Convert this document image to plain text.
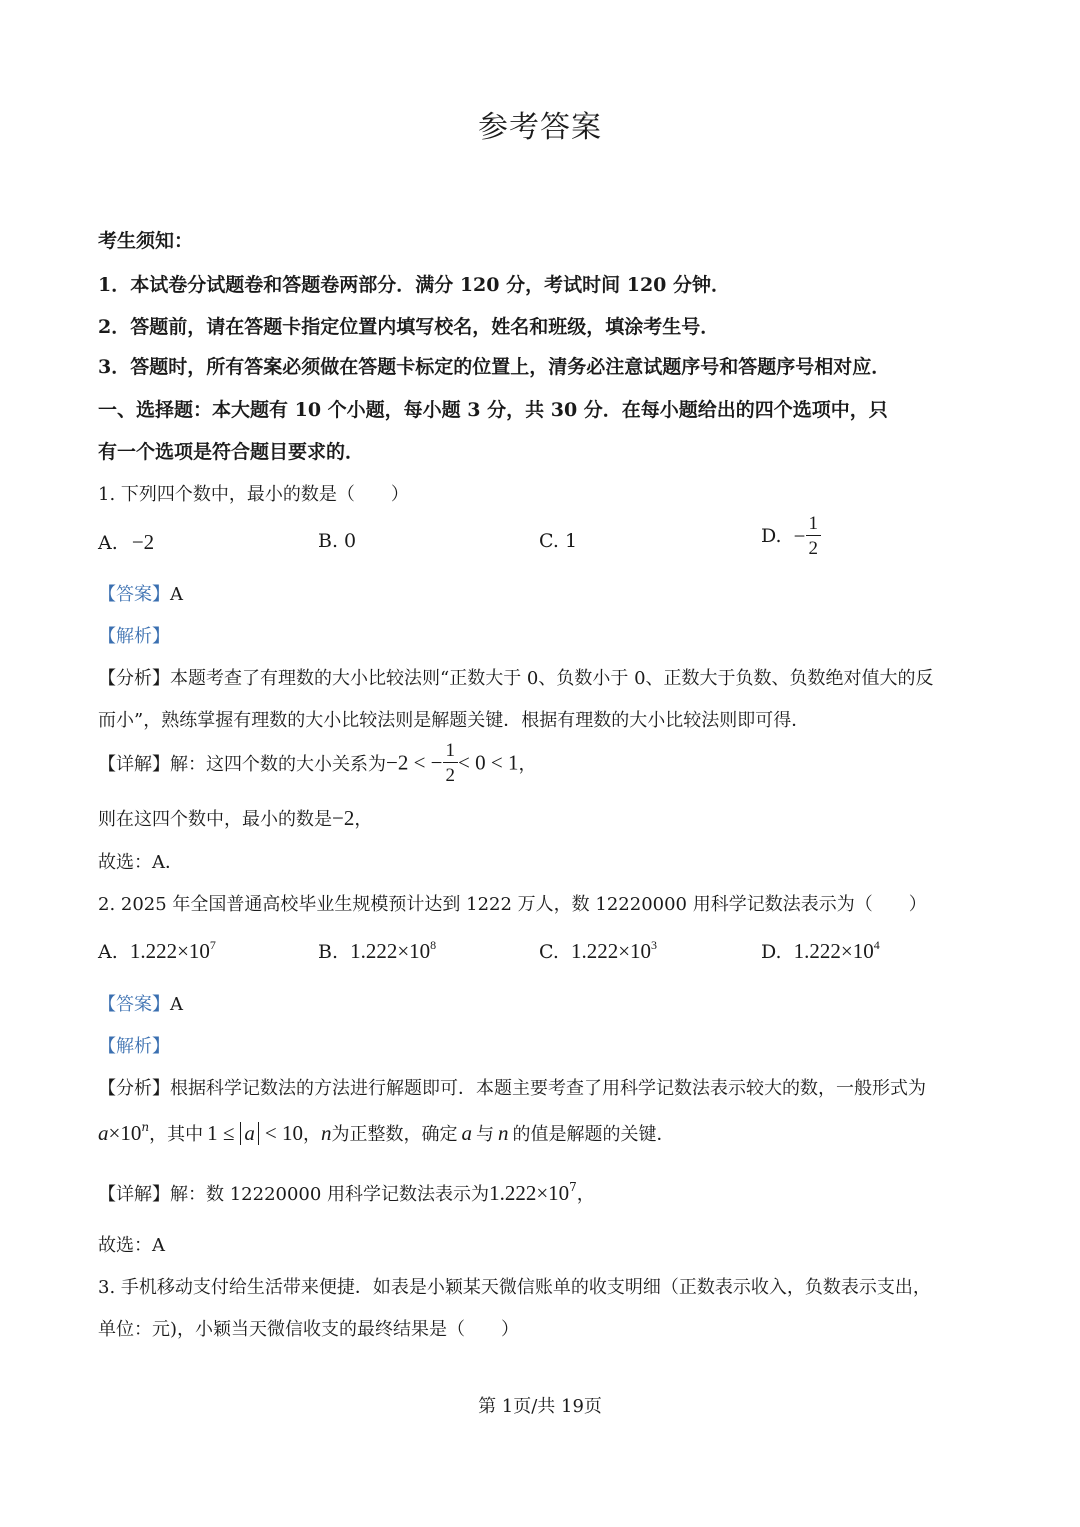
参考答案
考生须知：
1．本试卷分试题卷和答题卷两部分．满分 120 分，考试时间 120 分钟．
2．答题前，请在答题卡指定位置内填写校名，姓名和班级，填涂考生号．
3．答题时，所有答案必须做在答题卡标定的位置上，清务必注意试题序号和答题序号相对应．
一、选择题：本大题有 10 个小题，每小题 3 分，共 30 分．在每小题给出的四个选项中，只
有一个选项是符合题目要求的．
1. 下列四个数中，最小的数是（　　）
A. −2	B. 0	C. 1	D. − $\frac{1}{2}$
【答案】A
【解析】
【分析】本题考查了有理数的大小比较法则“正数大于 0、负数小于 0、正数大于负数、负数绝对值大的反
而小”，熟练掌握有理数的大小比较法则是解题关键．根据有理数的大小比较法则即可得．
【详解】解：这四个数的大小关系为−2 < − $\frac{1}{2} < 0 < 1$，
则在这四个数中，最小的数是−2，
故选：A．
2. 2025 年全国普通高校毕业生规模预计达到 1222 万人，数 12220000 用科学记数法表示为（　　）
A. $1.222\times 10^7$	B. $1.222\times 10^8$	C. $1.222\times 10^3$	D. $1.222\times 10^4$
【答案】A
【解析】
【分析】根据科学记数法的方法进行解题即可．本题主要考查了用科学记数法表示较大的数，一般形式为
$a\times 10^n$，其中 1 ≤ a < 10，n为正整数，确定 a 与 n 的值是解题的关键．
【详解】解：数 12220000 用科学记数法表示为$1.222\times 10^7$，
故选：A
3. 手机移动支付给生活带来便捷．如表是小颖某天微信账单的收支明细（正数表示收入，负数表示支出，
单位：元)，小颖当天微信收支的最终结果是（　　）
第 1页/共 19页
